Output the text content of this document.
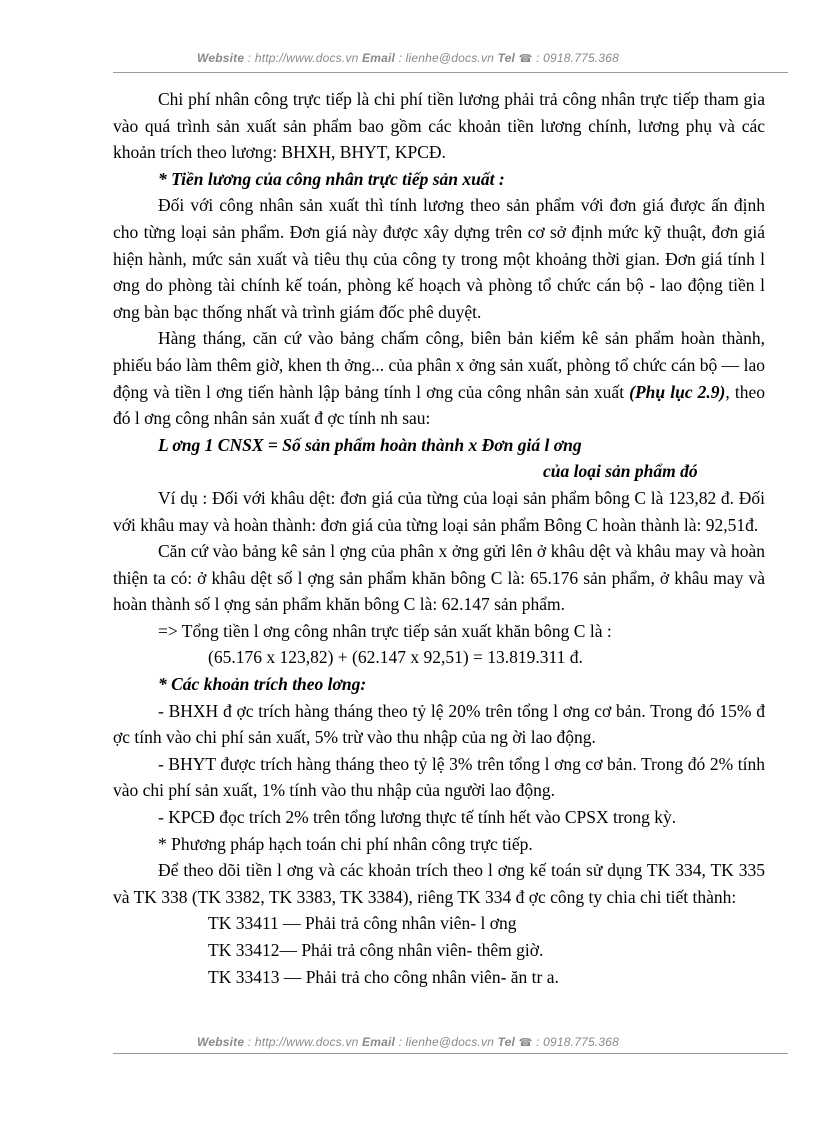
Website : http://www.docs.vn Email : lienhe@docs.vn Tel ☎ : 0918.775.368

Chi phí nhân công trực tiếp là chi phí tiền lương phải trả công nhân trực tiếp tham gia vào quá trình sản xuất sản phẩm bao gồm các khoản tiền lương chính, lương phụ và các khoản trích theo lương: BHXH, BHYT, KPCĐ.

* Tiền lương của công nhân trực tiếp sản xuất :

Đối với công nhân sản xuất thì tính lương theo sản phẩm với đơn giá được ấn định cho từng loại sản phẩm. Đơn giá này được xây dựng trên cơ sở định mức kỹ thuật, đơn giá hiện hành, mức sản xuất và tiêu thụ của công ty trong một khoảng thời gian. Đơn giá tính l ơng do phòng tài chính kế toán, phòng kế hoạch và phòng tổ chức cán bộ - lao động tiền l ơng bàn bạc thống nhất và trình giám đốc phê duyệt.

Hàng tháng, căn cứ vào bảng chấm công, biên bản kiểm kê sản phẩm hoàn thành, phiếu báo làm thêm giờ, khen th ởng... của phân x ởng sản xuất, phòng tổ chức cán bộ — lao động và tiền l ơng tiến hành lập bảng tính l ơng của công nhân sản xuất (Phụ lục 2.9), theo đó l ơng công nhân sản xuất đ ợc tính nh sau:

L ơng 1 CNSX = Số sản phẩm hoàn thành x Đơn giá l ơng

của loại sản phẩm đó

Ví dụ : Đối với khâu dệt: đơn giá của từng của loại sản phẩm bông C là 123,82 đ. Đối với khâu may và hoàn thành: đơn giá của từng loại sản phẩm Bông C hoàn thành là: 92,51đ.

Căn cứ vào bảng kê sản l ợng của phân x ởng gửi lên ở khâu dệt và khâu may và hoàn thiện ta có: ở khâu dệt số l ợng sản phẩm khăn bông C là: 65.176 sản phẩm, ở khâu may và hoàn thành số l ợng sản phẩm khăn bông C là: 62.147 sản phẩm.

=> Tổng tiền l ơng công nhân trực tiếp sản xuất khăn bông C là :

(65.176 x 123,82) + (62.147 x 92,51) = 13.819.311 đ.

* Các khoản trích theo lơng:

- BHXH đ ợc trích hàng tháng theo tỷ lệ 20% trên tổng l ơng cơ bản. Trong đó 15% đ ợc tính vào chi phí sản xuất, 5% trừ vào thu nhập của ng ời lao động.

- BHYT được trích hàng tháng theo tỷ lệ 3% trên tổng l ơng cơ bản. Trong đó 2% tính vào chi phí sản xuất, 1% tính vào thu nhập của người lao động.

- KPCĐ đọc trích 2% trên tổng lương thực tế tính hết vào CPSX trong kỳ.

* Phương pháp hạch toán chi phí nhân công trực tiếp.

Để theo dõi tiền l ơng và các khoản trích theo l ơng kế toán sử dụng TK 334, TK 335 và TK 338 (TK 3382, TK 3383, TK 3384), riêng TK 334 đ ợc công ty chia chi tiết thành:

TK 33411 — Phải trả công nhân viên- l ơng

TK 33412— Phải trả công nhân viên- thêm giờ.

TK 33413 — Phải trả cho công nhân viên- ăn tr a.

Website : http://www.docs.vn Email : lienhe@docs.vn Tel ☎ : 0918.775.368
